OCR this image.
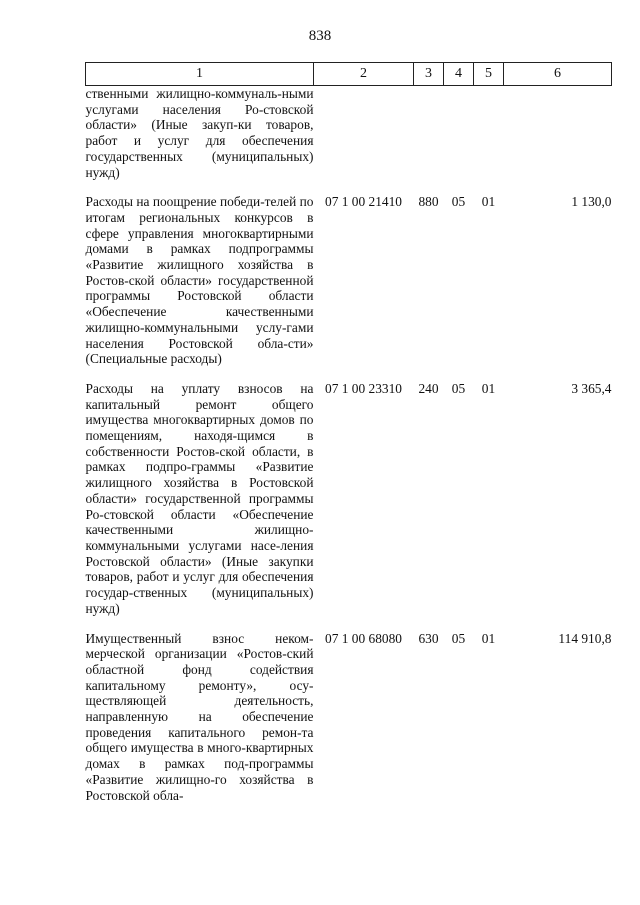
838
1	2	3	4	5	6
ственными жилищно-коммуналь-ными услугами населения Ро-стовской области» (Иные закуп-ки товаров, работ и услуг для обеспечения государственных (муниципальных) нужд)					
Расходы на поощрение победи-телей по итогам региональных конкурсов в сфере управления многоквартирными домами в рамках подпрограммы «Развитие жилищного хозяйства в Ростов-ской области» государственной программы Ростовской области «Обеспечение качественными жилищно-коммунальными услу-гами населения Ростовской обла-сти» (Специальные расходы)	07 1 00 21410	880	05	01	1 130,0
Расходы на уплату взносов на капитальный ремонт общего имущества многоквартирных домов по помещениям, находя-щимся в собственности Ростов-ской области, в рамках подпро-граммы «Развитие жилищного хозяйства в Ростовской области» государственной программы Ро-стовской области «Обеспечение качественными жилищно-коммунальными услугами насе-ления Ростовской области» (Иные закупки товаров, работ и услуг для обеспечения государ-ственных (муниципальных) нужд)	07 1 00 23310	240	05	01	3 365,4
Имущественный взнос неком-мерческой организации «Ростов-ский областной фонд содействия капитальному ремонту», осу-ществляющей деятельность, направленную на обеспечение проведения капитального ремон-та общего имущества в много-квартирных домах в рамках под-программы «Развитие жилищно-го хозяйства в Ростовской обла-	07 1 00 68080	630	05	01	114 910,8
